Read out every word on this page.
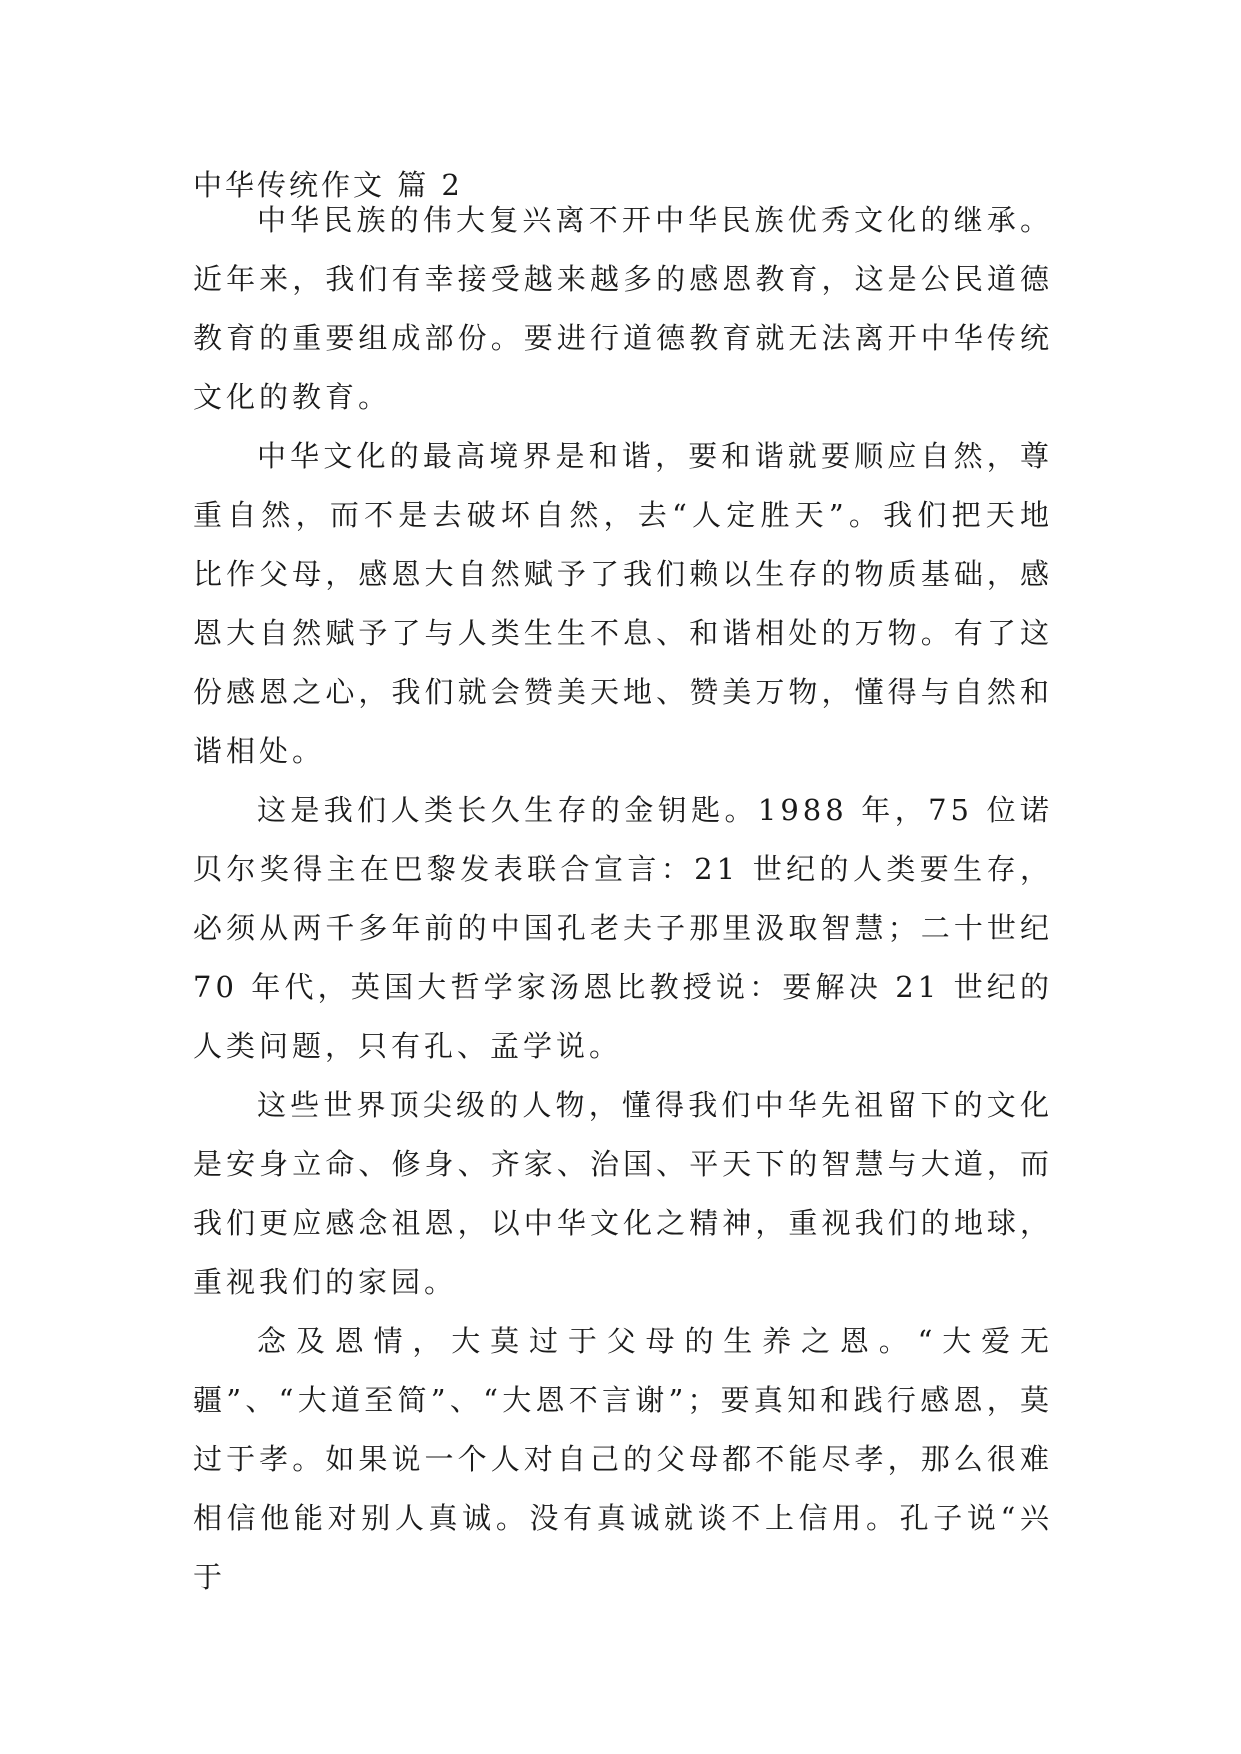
中华传统作文 篇 2

中华民族的伟大复兴离不开中华民族优秀文化的继承。近年来，我们有幸接受越来越多的感恩教育，这是公民道德教育的重要组成部份。要进行道德教育就无法离开中华传统文化的教育。

中华文化的最高境界是和谐，要和谐就要顺应自然，尊重自然，而不是去破坏自然，去“人定胜天”。我们把天地比作父母，感恩大自然赋予了我们赖以生存的物质基础，感恩大自然赋予了与人类生生不息、和谐相处的万物。有了这份感恩之心，我们就会赞美天地、赞美万物，懂得与自然和谐相处。

这是我们人类长久生存的金钥匙。1988 年，75 位诺贝尔奖得主在巴黎发表联合宣言：21 世纪的人类要生存，必须从两千多年前的中国孔老夫子那里汲取智慧；二十世纪 70 年代，英国大哲学家汤恩比教授说：要解决 21 世纪的人类问题，只有孔、孟学说。

这些世界顶尖级的人物，懂得我们中华先祖留下的文化是安身立命、修身、齐家、治国、平天下的智慧与大道，而我们更应感念祖恩，以中华文化之精神，重视我们的地球，重视我们的家园。

念及恩情，大莫过于父母的生养之恩。“大爱无疆”、“大道至简”、“大恩不言谢”；要真知和践行感恩，莫过于孝。如果说一个人对自己的父母都不能尽孝，那么很难相信他能对别人真诚。没有真诚就谈不上信用。孔子说“兴于
